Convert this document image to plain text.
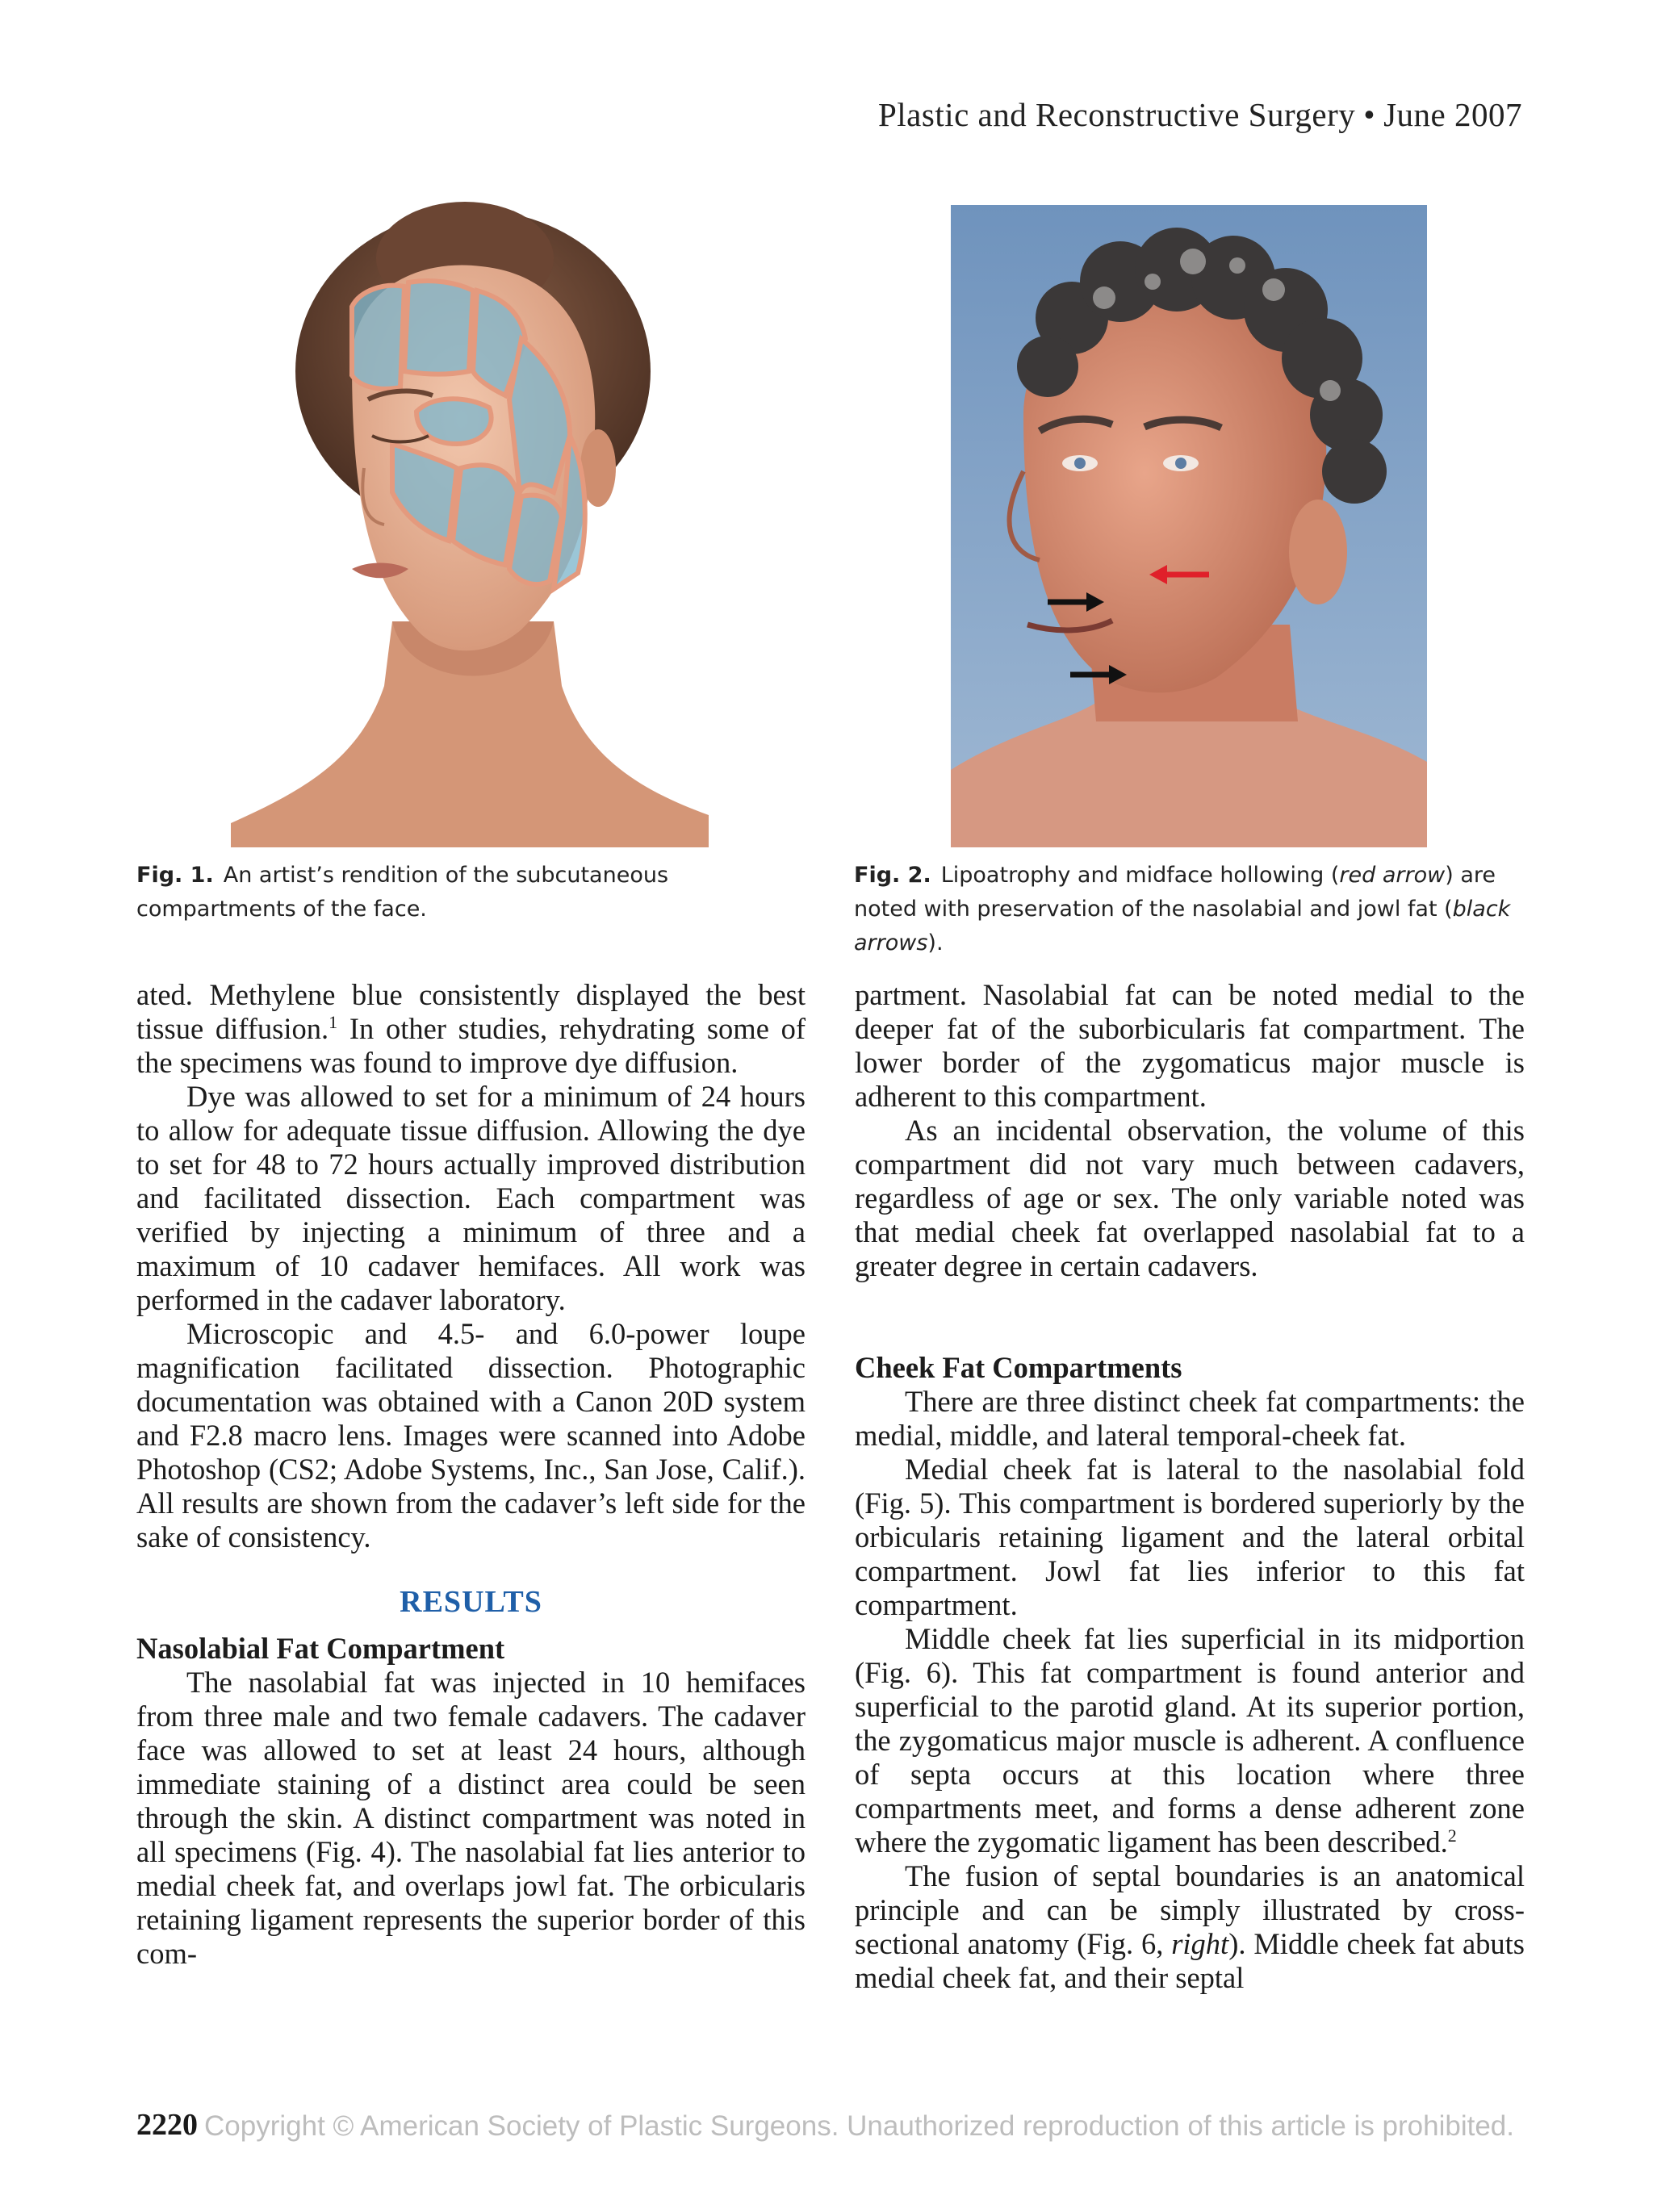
Plastic and Reconstructive Surgery • June 2007
Fig. 1. An artist’s rendition of the subcutaneous compartments of the face.
Fig. 2. Lipoatrophy and midface hollowing (red arrow) are noted with preservation of the nasolabial and jowl fat (black arrows).

ated. Methylene blue consistently displayed the best tissue diffusion.$^1$ In other studies, rehydrating some of the specimens was found to improve dye diffusion.

Dye was allowed to set for a minimum of 24 hours to allow for adequate tissue diffusion. Allowing the dye to set for 48 to 72 hours actually improved distribution and facilitated dissection. Each compartment was verified by injecting a minimum of three and a maximum of 10 cadaver hemifaces. All work was performed in the cadaver laboratory.

Microscopic and 4.5- and 6.0-power loupe magnification facilitated dissection. Photographic documentation was obtained with a Canon 20D system and F2.8 macro lens. Images were scanned into Adobe Photoshop (CS2; Adobe Systems, Inc., San Jose, Calif.). All results are shown from the cadaver’s left side for the sake of consistency.

RESULTS
Nasolabial Fat Compartment

The nasolabial fat was injected in 10 hemifaces from three male and two female cadavers. The cadaver face was allowed to set at least 24 hours, although immediate staining of a distinct area could be seen through the skin. A distinct compartment was noted in all specimens (Fig. 4). The nasolabial fat lies anterior to medial cheek fat, and overlaps jowl fat. The orbicularis retaining ligament represents the superior border of this com-

partment. Nasolabial fat can be noted medial to the deeper fat of the suborbicularis fat compartment. The lower border of the zygomaticus major muscle is adherent to this compartment.

As an incidental observation, the volume of this compartment did not vary much between cadavers, regardless of age or sex. The only variable noted was that medial cheek fat overlapped nasolabial fat to a greater degree in certain cadavers.

Cheek Fat Compartments

There are three distinct cheek fat compartments: the medial, middle, and lateral temporal-cheek fat.

Medial cheek fat is lateral to the nasolabial fold (Fig. 5). This compartment is bordered superiorly by the orbicularis retaining ligament and the lateral orbital compartment. Jowl fat lies inferior to this fat compartment.

Middle cheek fat lies superficial in its midportion (Fig. 6). This fat compartment is found anterior and superficial to the parotid gland. At its superior portion, the zygomaticus major muscle is adherent. A confluence of septa occurs at this location where three compartments meet, and forms a dense adherent zone where the zygomatic ligament has been described.$^2$

The fusion of septal boundaries is an anatomical principle and can be simply illustrated by cross-sectional anatomy (Fig. 6, right). Middle cheek fat abuts medial cheek fat, and their septal

Copyright © American Society of Plastic Surgeons. Unauthorized reproduction of this article is prohibited.
2220
